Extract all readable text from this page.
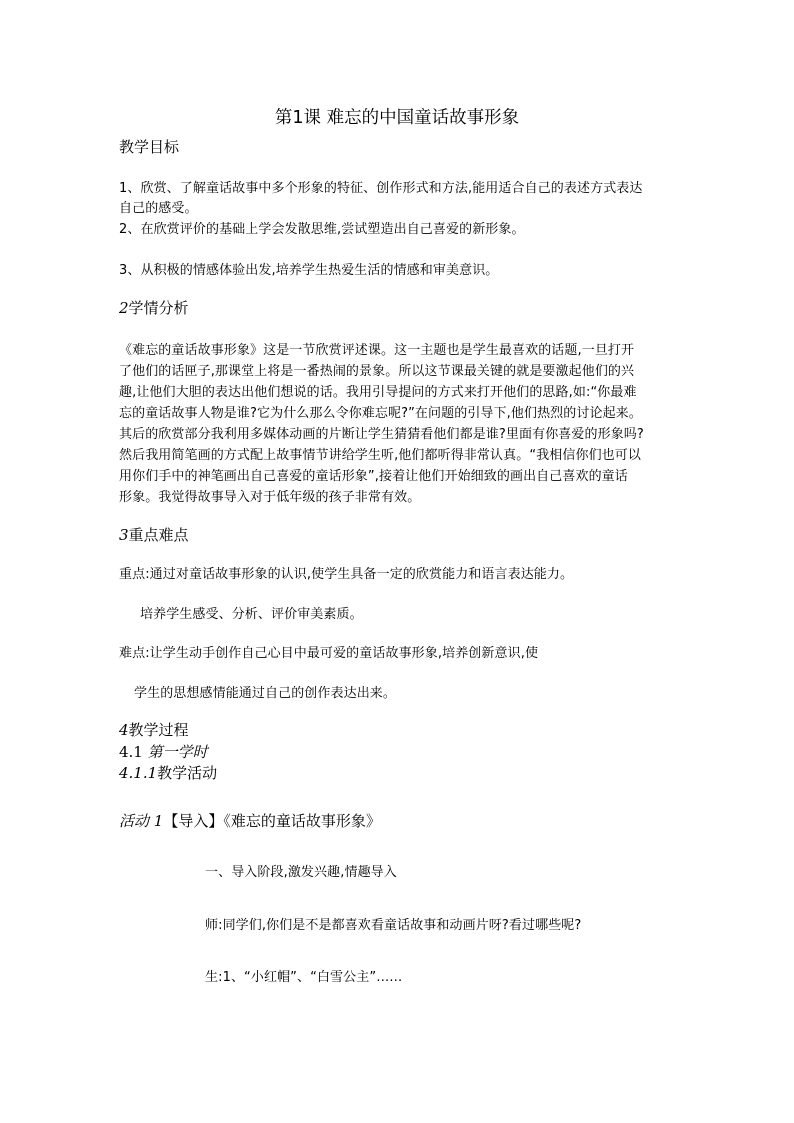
第1课 难忘的中国童话故事形象
教学目标
1、欣赏、了解童话故事中多个形象的特征、创作形式和方法,能用适合自己的表述方式表达
自己的感受。
2、在欣赏评价的基础上学会发散思维,尝试塑造出自己喜爱的新形象。
3、从积极的情感体验出发,培养学生热爱生活的情感和审美意识。
2学情分析
《难忘的童话故事形象》这是一节欣赏评述课。这一主题也是学生最喜欢的话题,一旦打开
了他们的话匣子,那课堂上将是一番热闹的景象。所以这节课最关键的就是要激起他们的兴
趣,让他们大胆的表达出他们想说的话。我用引导提问的方式来打开他们的思路,如:“你最难
忘的童话故事人物是谁?它为什么那么令你难忘呢?”在问题的引导下,他们热烈的讨论起来。
其后的欣赏部分我利用多媒体动画的片断让学生猜猜看他们都是谁?里面有你喜爱的形象吗?
然后我用简笔画的方式配上故事情节讲给学生听,他们都听得非常认真。“我相信你们也可以
用你们手中的神笔画出自己喜爱的童话形象”,接着让他们开始细致的画出自己喜欢的童话
形象。我觉得故事导入对于低年级的孩子非常有效。
3重点难点
重点:通过对童话故事形象的认识,使学生具备一定的欣赏能力和语言表达能力。
培养学生感受、分析、评价审美素质。
难点:让学生动手创作自己心目中最可爱的童话故事形象,培养创新意识,使
学生的思想感情能通过自己的创作表达出来。
4教学过程
4.1 第一学时
4.1.1教学活动
活动 1【导入】《难忘的童话故事形象》
一、导入阶段,激发兴趣,情趣导入
师:同学们,你们是不是都喜欢看童话故事和动画片呀?看过哪些呢?
生:1、“小红帽”、“白雪公主”……
